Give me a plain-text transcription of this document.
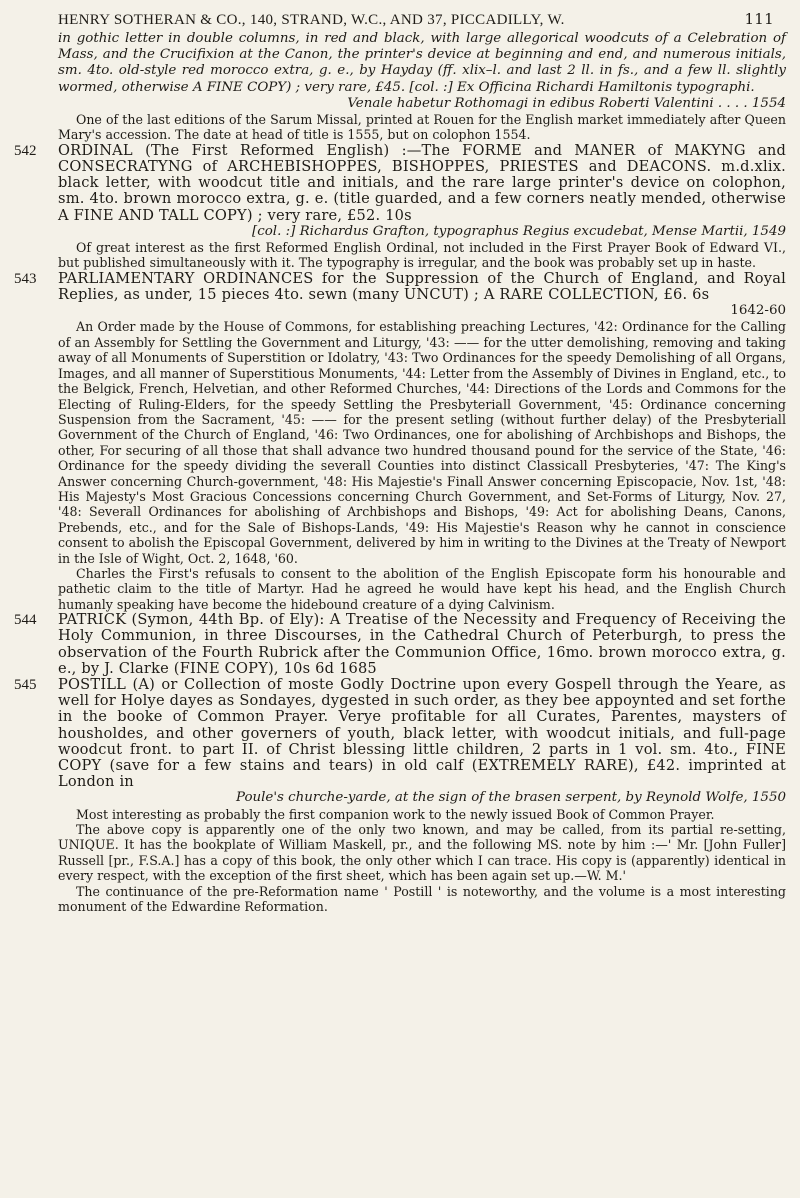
HENRY SOTHERAN & CO., 140, STRAND, W.C., AND 37, PICCADILLY, W.	111

in gothic letter in double columns, in red and black, with large allegorical woodcuts of a Celebration of Mass, and the Crucifixion at the Canon, the printer's device at beginning and end, and numerous initials, sm. 4to. old-style red morocco extra, g. e., by Hayday (ff. xlix–l. and last 2 ll. in fs., and a few ll. slightly wormed, otherwise A FINE COPY) ; very rare, £45. [col. :] Ex Officina Richardi Hamiltonis typographi.

Venale habetur Rothomagi in edibus Roberti Valentini . . . . 1554

One of the last editions of the Sarum Missal, printed at Rouen for the English market immediately after Queen Mary's accession. The date at head of title is 1555, but on colophon 1554.

542	ORDINAL (The First Reformed English) :—The FORME and MANER of MAKYNG and CONSECRATYNG of ARCHEBISHOPPES, BISHOPPES, PRIESTES and DEACONS. m.d.xlix. black letter, with woodcut title and initials, and the rare large printer's device on colophon, sm. 4to. brown morocco extra, g. e. (title guarded, and a few corners neatly mended, otherwise A FINE AND TALL COPY) ; very rare, £52. 10s

[col. :] Richardus Grafton, typographus Regius excudebat, Mense Martii, 1549

Of great interest as the first Reformed English Ordinal, not included in the First Prayer Book of Edward VI., but published simultaneously with it. The typography is irregular, and the book was probably set up in haste.

543	PARLIAMENTARY ORDINANCES for the Suppression of the Church of England, and Royal Replies, as under, 15 pieces 4to. sewn (many UNCUT) ; A RARE COLLECTION, £6. 6s

1642-60

An Order made by the House of Commons, for establishing preaching Lectures, '42: Ordinance for the Calling of an Assembly for Settling the Government and Liturgy, '43: —— for the utter demolishing, removing and taking away of all Monuments of Superstition or Idolatry, '43: Two Ordinances for the speedy Demolishing of all Organs, Images, and all manner of Superstitious Monuments, '44: Letter from the Assembly of Divines in England, etc., to the Belgick, French, Helvetian, and other Reformed Churches, '44: Directions of the Lords and Commons for the Electing of Ruling-Elders, for the speedy Settling the Presbyteriall Government, '45: Ordinance concerning Suspension from the Sacrament, '45: —— for the present setling (without further delay) of the Presbyteriall Government of the Church of England, '46: Two Ordinances, one for abolishing of Archbishops and Bishops, the other, For securing of all those that shall advance two hundred thousand pound for the service of the State, '46: Ordinance for the speedy dividing the severall Counties into distinct Classicall Presbyteries, '47: The King's Answer concerning Church-government, '48: His Majestie's Finall Answer concerning Episcopacie, Nov. 1st, '48: His Majesty's Most Gracious Concessions concerning Church Government, and Set-Forms of Liturgy, Nov. 27, '48: Severall Ordinances for abolishing of Archbishops and Bishops, '49: Act for abolishing Deans, Canons, Prebends, etc., and for the Sale of Bishops-Lands, '49: His Majestie's Reason why he cannot in conscience consent to abolish the Episcopal Government, delivered by him in writing to the Divines at the Treaty of Newport in the Isle of Wight, Oct. 2, 1648, '60.

Charles the First's refusals to consent to the abolition of the English Episcopate form his honourable and pathetic claim to the title of Martyr. Had he agreed he would have kept his head, and the English Church humanly speaking have become the hidebound creature of a dying Calvinism.

544	PATRICK (Symon, 44th Bp. of Ely): A Treatise of the Necessity and Frequency of Receiving the Holy Communion, in three Discourses, in the Cathedral Church of Peterburgh, to press the observation of the Fourth Rubrick after the Communion Office, 16mo. brown morocco extra, g. e., by J. Clarke (FINE COPY), 10s 6d 1685

545	POSTILL (A) or Collection of moste Godly Doctrine upon every Gospell through the Yeare, as well for Holye dayes as Sondayes, dygested in such order, as they bee appoynted and set forthe in the booke of Common Prayer. Verye profitable for all Curates, Parentes, maysters of housholdes, and other governers of youth, black letter, with woodcut initials, and full-page woodcut front. to part II. of Christ blessing little children, 2 parts in 1 vol. sm. 4to., FINE COPY (save for a few stains and tears) in old calf (EXTREMELY RARE), £42. imprinted at London in

Poule's churche-yarde, at the sign of the brasen serpent, by Reynold Wolfe, 1550

Most interesting as probably the first companion work to the newly issued Book of Common Prayer.

The above copy is apparently one of the only two known, and may be called, from its partial re-setting, UNIQUE. It has the bookplate of William Maskell, pr., and the following MS. note by him :—' Mr. [John Fuller] Russell [pr., F.S.A.] has a copy of this book, the only other which I can trace. His copy is (apparently) identical in every respect, with the exception of the first sheet, which has been again set up.—W. M.'

The continuance of the pre-Reformation name ' Postill ' is noteworthy, and the volume is a most interesting monument of the Edwardine Reformation.
